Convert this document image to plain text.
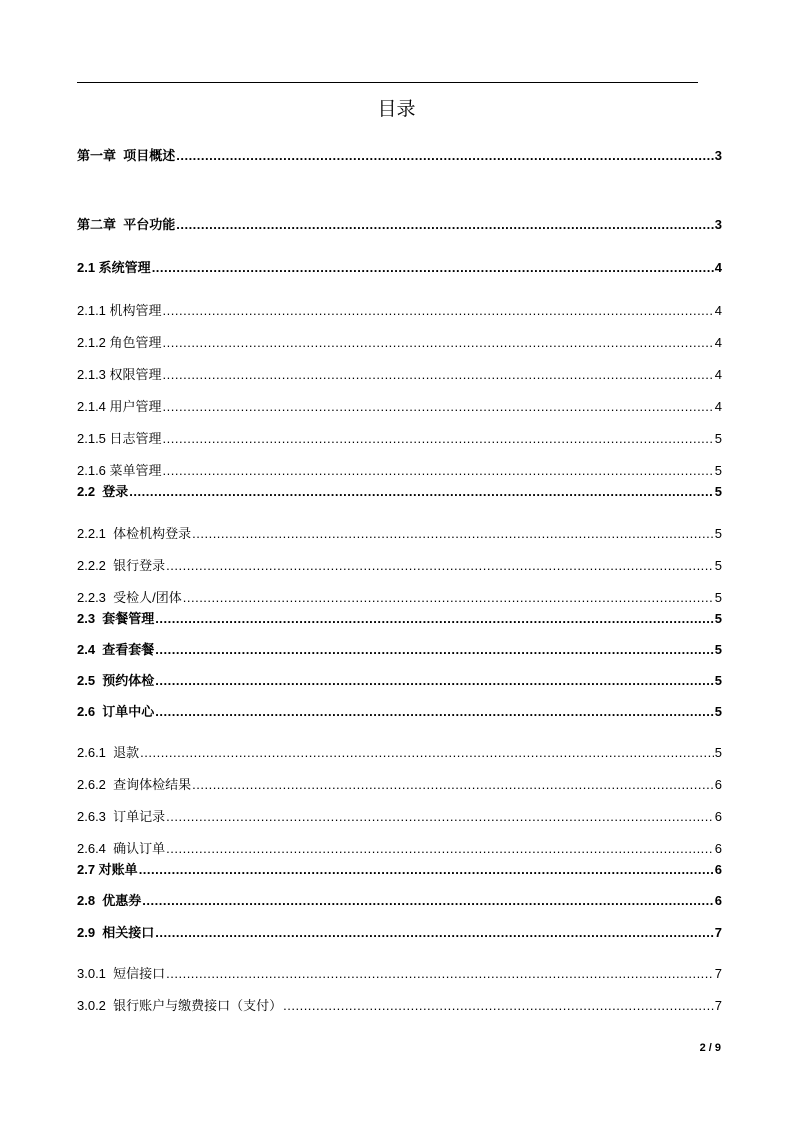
目录
第一章  项目概述 .....	3
第二章  平台功能 .....	3
2.1 系统管理 .....	4
2.1.1 机构管理 .....	4
2.1.2 角色管理 .....	4
2.1.3 权限管理 .....	4
2.1.4 用户管理 .....	4
2.1.5 日志管理 .....	5
2.1.6 菜单管理 .....	5
2.2  登录 .....	5
2.2.1  体检机构登录 .....	5
2.2.2  银行登录 .....	5
2.2.3  受检人/团体 .....	5
2.3  套餐管理 .....	5
2.4  查看套餐 .....	5
2.5  预约体检 .....	5
2.6  订单中心 .....	5
2.6.1  退款 .....	5
2.6.2  查询体检结果 .....	6
2.6.3  订单记录 .....	6
2.6.4  确认订单 .....	6
2.7 对账单 .....	6
2.8  优惠券 .....	6
2.9  相关接口 .....	7
3.0.1  短信接口 .....	7
3.0.2  银行账户与缴费接口（支付） .....	7
2 / 9
